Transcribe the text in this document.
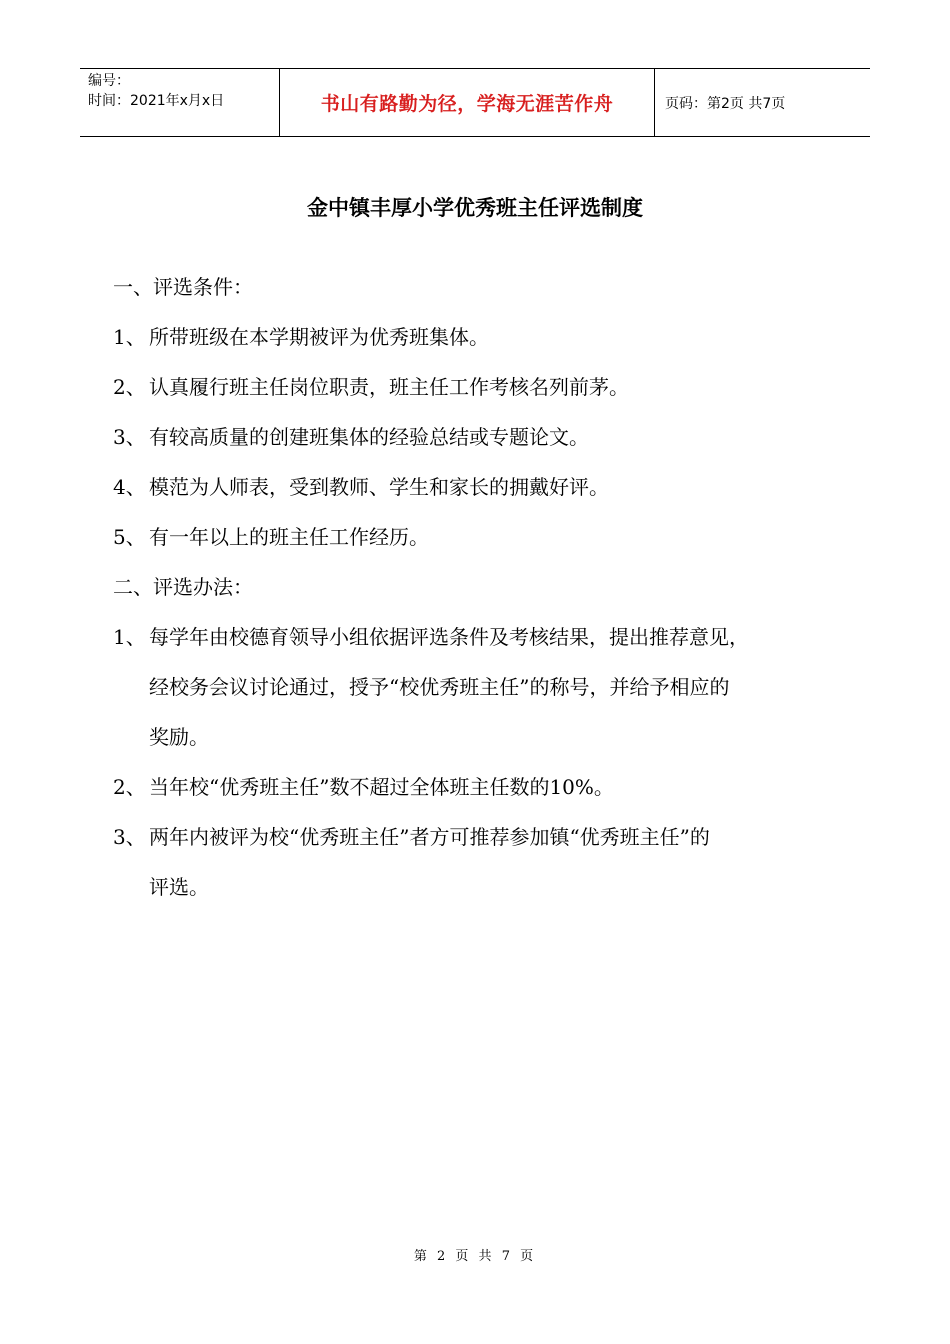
编号：
时间：2021年x月x日	书山有路勤为径，学海无涯苦作舟	页码：第2页 共7页
金中镇丰厚小学优秀班主任评选制度
一、评选条件：
1、 所带班级在本学期被评为优秀班集体。
2、 认真履行班主任岗位职责，班主任工作考核名列前茅。
3、 有较高质量的创建班集体的经验总结或专题论文。
4、 模范为人师表，受到教师、学生和家长的拥戴好评。
5、 有一年以上的班主任工作经历。
二、评选办法：
1、 每学年由校德育领导小组依据评选条件及考核结果，提出推荐意见，
经校务会议讨论通过，授予“校优秀班主任”的称号，并给予相应的
奖励。
2、 当年校“优秀班主任”数不超过全体班主任数的10%。
3、 两年内被评为校“优秀班主任”者方可推荐参加镇“优秀班主任”的
评选。
第 2 页 共 7 页
